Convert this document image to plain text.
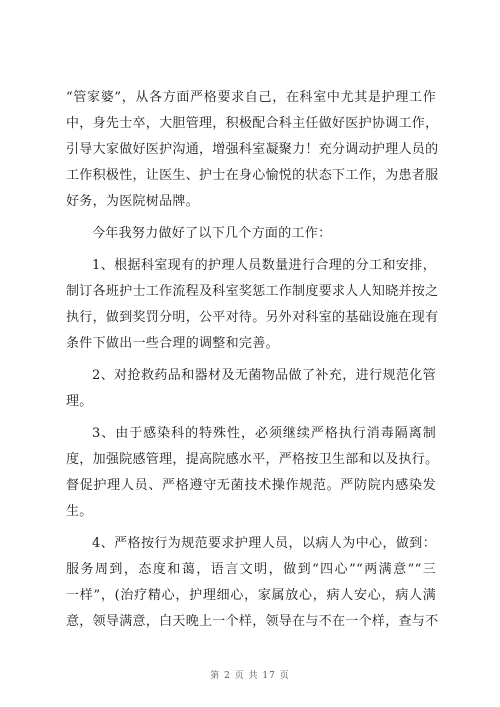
“管家婆”，从各方面严格要求自己，在科室中尤其是护理工作
中，身先士卒，大胆管理，积极配合科主任做好医护协调工作，
引导大家做好医护沟通，增强科室凝聚力！充分调动护理人员的
工作积极性，让医生、护士在身心愉悦的状态下工作，为患者服
好务，为医院树品牌。
今年我努力做好了以下几个方面的工作：
1、根据科室现有的护理人员数量进行合理的分工和安排，
制订各班护士工作流程及科室奖惩工作制度要求人人知晓并按之
执行，做到奖罚分明，公平对待。另外对科室的基础设施在现有
条件下做出一些合理的调整和完善。
2、对抢救药品和器材及无菌物品做了补充，进行规范化管
理。
3、由于感染科的特殊性，必须继续严格执行消毒隔离制
度，加强院感管理，提高院感水平，严格按卫生部和以及执行。
督促护理人员、严格遵守无菌技术操作规范。严防院内感染发
生。
4、严格按行为规范要求护理人员，以病人为中心，做到：
服务周到，态度和蔼，语言文明，做到“四心”“两满意”“三
一样”，(治疗精心，护理细心，家属放心，病人安心，病人满
意，领导满意，白天晚上一个样，领导在与不在一个样，查与不
第 2 页 共 17 页
